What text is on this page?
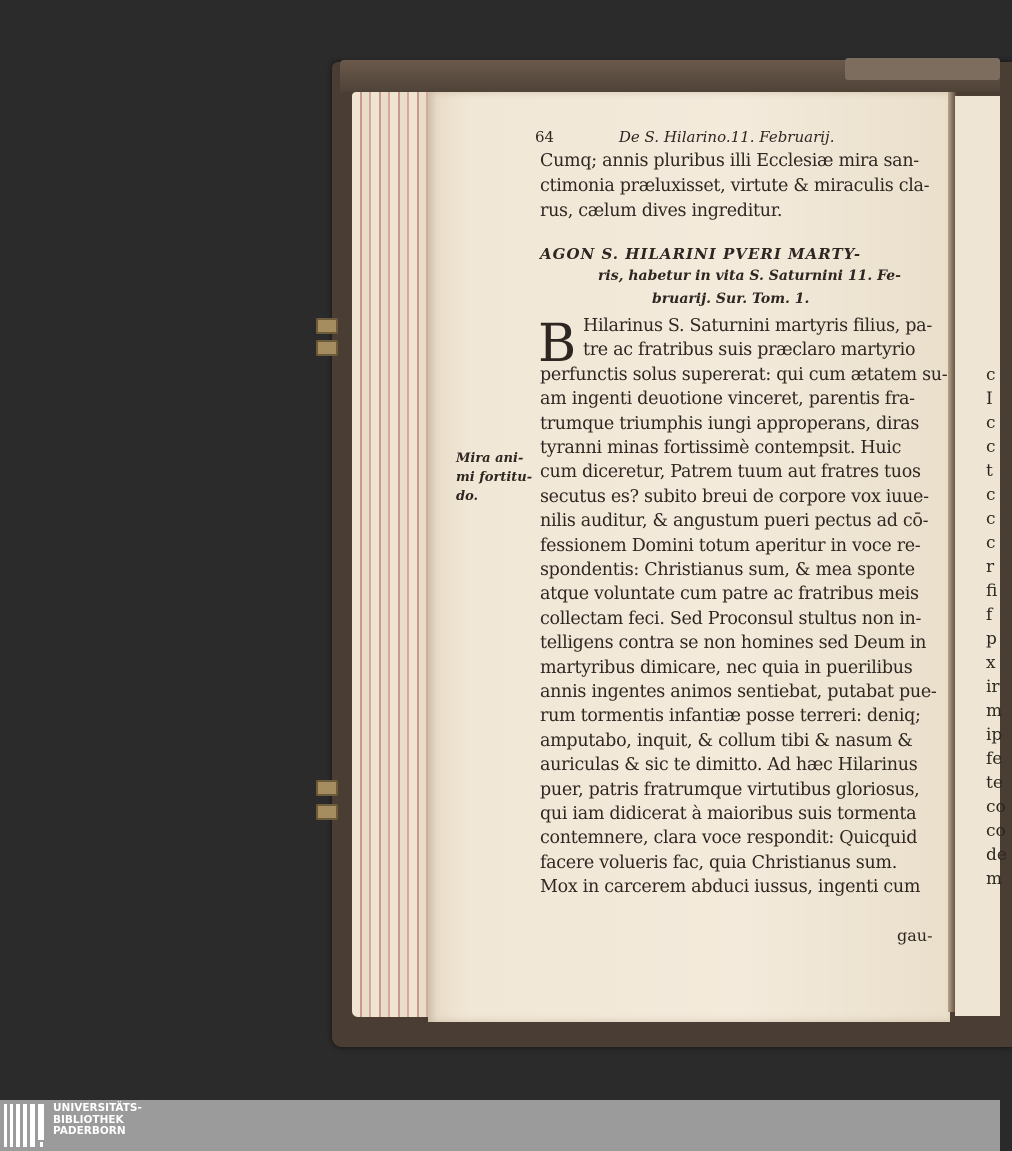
64	De S. Hilarino.11. Februarij.
Cumq; annis pluribus illi Ecclesiæ mira san-
ctimonia præluxisset, virtute & miraculis cla-
rus, cælum dives ingreditur.
AGON S. HILARINI PVERI MARTY-
ris, habetur in vita S. Saturnini 11. Fe-
bruarij. Sur. Tom. 1.
B Hilarinus S. Saturnini martyris filius, pa-
tre ac fratribus suis præclaro martyrio
perfunctis solus supererat: qui cum ætatem su-
am ingenti deuotione vinceret, parentis fra-
trumque triumphis iungi approperans, diras
tyranni minas fortissimè contempsit. Huic
cum diceretur, Patrem tuum aut fratres tuos
secutus es? subito breui de corpore vox iuue-
nilis auditur, & angustum pueri pectus ad cō-
fessionem Domini totum aperitur in voce re-
spondentis: Christianus sum, & mea sponte
atque voluntate cum patre ac fratribus meis
collectam feci. Sed Proconsul stultus non in-
telligens contra se non homines sed Deum in
martyribus dimicare, nec quia in puerilibus
annis ingentes animos sentiebat, putabat pue-
rum tormentis infantiæ posse terreri: deniq;
amputabo, inquit, & collum tibi & nasum &
auriculas & sic te dimitto. Ad hæc Hilarinus
puer, patris fratrumque virtutibus gloriosus,
qui iam didicerat à maioribus suis tormenta
contemnere, clara voce respondit: Quicquid
facere volueris fac, quia Christianus sum.
Mox in carcerem abduci iussus, ingenti cum
gau-
Mira ani-
mi fortitu-
do.
c
I
c
c
t
c
c
c
r
fi
f
p
x
ir
m
ip
fe
te
co
co
de
m
UNIVERSITÄTS-
BIBLIOTHEK
PADERBORN
